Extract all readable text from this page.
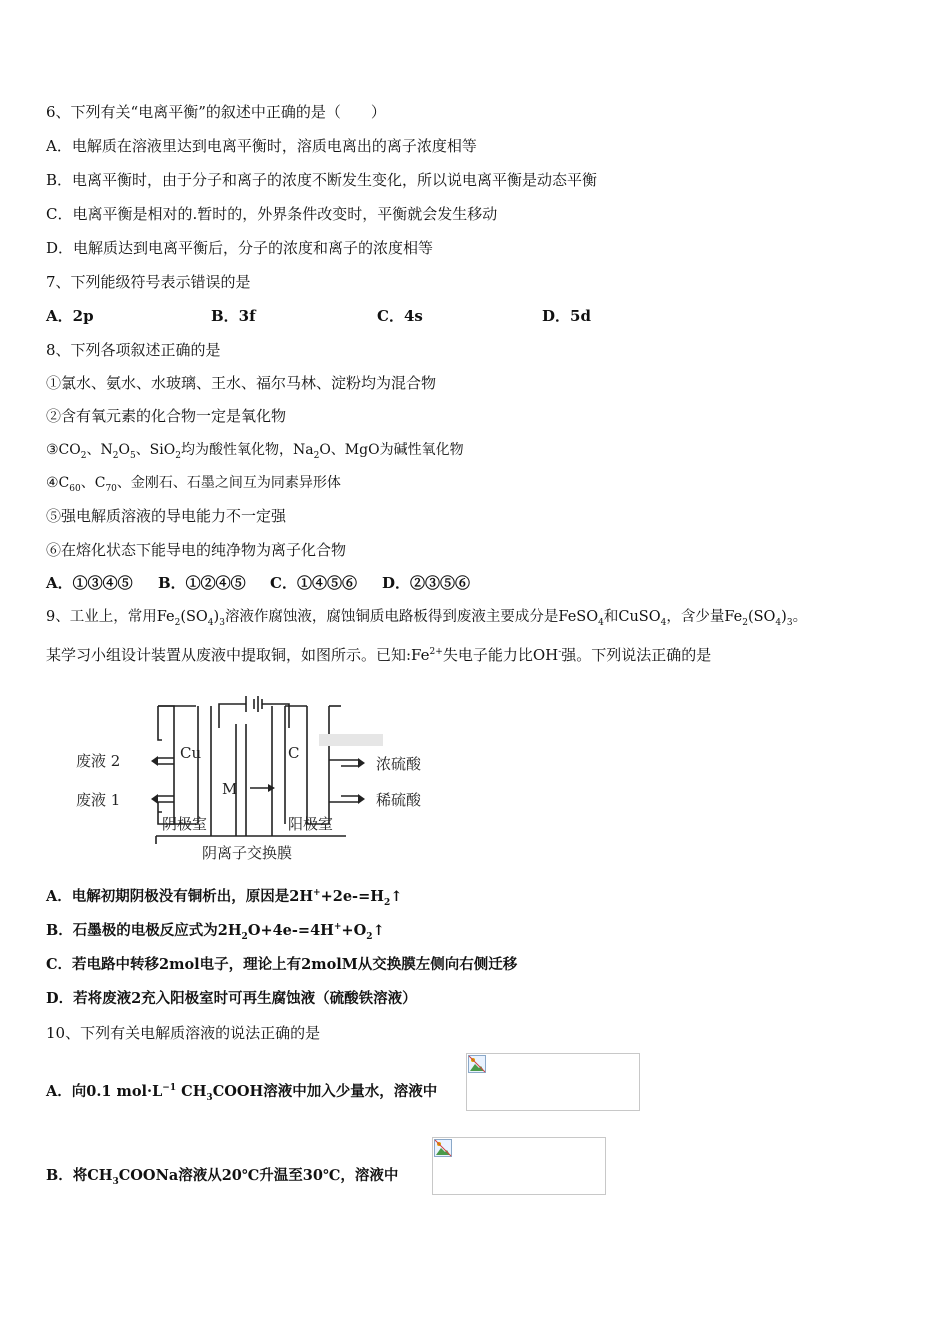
6、下列有关“电离平衡”的叙述中正确的是（　　）
A．电解质在溶液里达到电离平衡时，溶质电离出的离子浓度相等
B．电离平衡时，由于分子和离子的浓度不断发生变化，所以说电离平衡是动态平衡
C．电离平衡是相对的.暂时的，外界条件改变时，平衡就会发生移动
D．电解质达到电离平衡后，分子的浓度和离子的浓度相等
7、下列能级符号表示错误的是
A．2p	B．3f	C．4s	D．5d
8、下列各项叙述正确的是
①氯水、氨水、水玻璃、王水、福尔马林、淀粉均为混合物
②含有氧元素的化合物一定是氧化物
$③CO_2$、$N_2O_5$、SiO$_2$均为酸性氧化物，$Na_2O$、MgO为碱性氧化物
$④C_{60}$、$C_{70}$、金刚石、石墨之间互为同素异形体
⑤强电解质溶液的导电能力不一定强
⑥在熔化状态下能导电的纯净物为离子化合物
A．①③④⑤ B．①②④⑤ C．①④⑤⑥ D．②③⑤⑥
9、工业上，常用$Fe_2(SO_4)_3$溶液作腐蚀液，腐蚀铜质电路板得到废液主要成分是FeSO$_4$和CuSO$_4$，含少量$Fe_2(SO_4)_3$。
某学习小组设计装置从废液中提取铜，如图所示。已知$:Fe^{2+}$失电子能力比OH-强。下列说法正确的是
Cu	C
M
废液 2
废液 1
浓硫酸
稀硫酸
阴极室	阳极室
阴离子交换膜
A．电解初期阴极没有铜析出，原因是$2H^++2e-=H_2↑$
B．石墨极的电极反应式为$2H_2O+4e-=4H^++O_2↑$
C．若电路中转移2mol电子，理论上有2molM从交换膜左侧向右侧迁移
D．若将废液2充入阳极室时可再生腐蚀液（硫酸铁溶液）
10、下列有关电解质溶液的说法正确的是
A．向0.1 $mol\cdot L^{-1}$ $CH_3COOH$溶液中加入少量水，溶液中
B．将$CH_3COONa$溶液从20℃升温至30℃，溶液中
